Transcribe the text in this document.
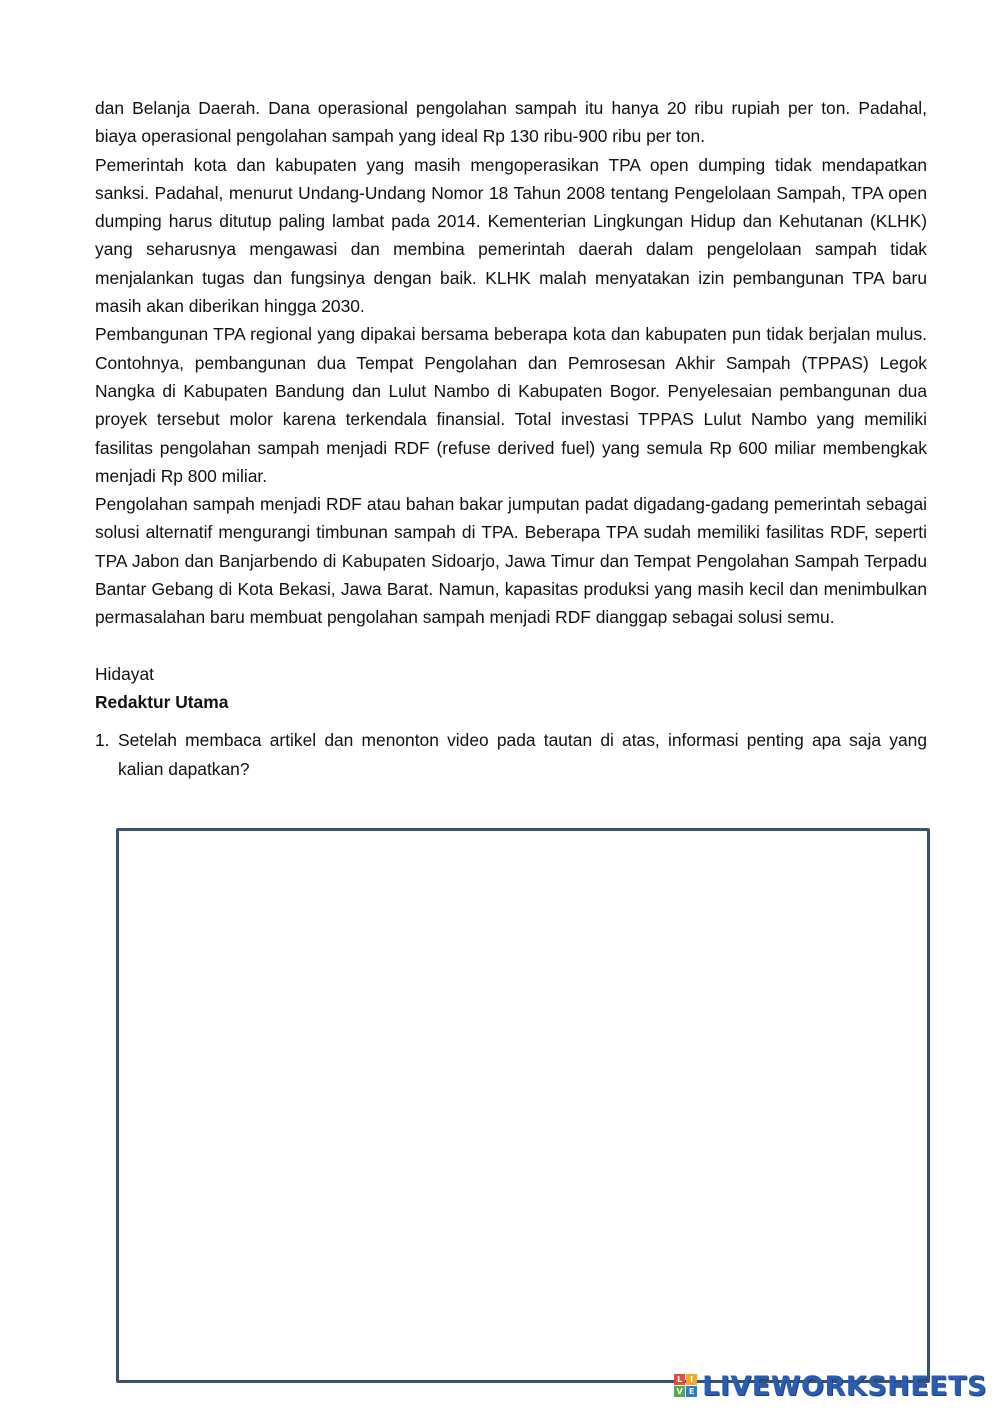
dan Belanja Daerah. Dana operasional pengolahan sampah itu hanya 20 ribu rupiah per ton. Padahal, biaya operasional pengolahan sampah yang ideal Rp 130 ribu-900 ribu per ton.

Pemerintah kota dan kabupaten yang masih mengoperasikan TPA open dumping tidak mendapatkan sanksi. Padahal, menurut Undang-Undang Nomor 18 Tahun 2008 tentang Pengelolaan Sampah, TPA open dumping harus ditutup paling lambat pada 2014. Kementerian Lingkungan Hidup dan Kehutanan (KLHK) yang seharusnya mengawasi dan membina pemerintah daerah dalam pengelolaan sampah tidak menjalankan tugas dan fungsinya dengan baik. KLHK malah menyatakan izin pembangunan TPA baru masih akan diberikan hingga 2030.

Pembangunan TPA regional yang dipakai bersama beberapa kota dan kabupaten pun tidak berjalan mulus. Contohnya, pembangunan dua Tempat Pengolahan dan Pemrosesan Akhir Sampah (TPPAS) Legok Nangka di Kabupaten Bandung dan Lulut Nambo di Kabupaten Bogor. Penyelesaian pembangunan dua proyek tersebut molor karena terkendala finansial. Total investasi TPPAS Lulut Nambo yang memiliki fasilitas pengolahan sampah menjadi RDF (refuse derived fuel) yang semula Rp 600 miliar membengkak menjadi Rp 800 miliar.

Pengolahan sampah menjadi RDF atau bahan bakar jumputan padat digadang-gadang pemerintah sebagai solusi alternatif mengurangi timbunan sampah di TPA. Beberapa TPA sudah memiliki fasilitas RDF, seperti TPA Jabon dan Banjarbendo di Kabupaten Sidoarjo, Jawa Timur dan Tempat Pengolahan Sampah Terpadu Bantar Gebang di Kota Bekasi, Jawa Barat. Namun, kapasitas produksi yang masih kecil dan menimbulkan permasalahan baru membuat pengolahan sampah menjadi RDF dianggap sebagai solusi semu.

Hidayat

Redaktur Utama

1. Setelah membaca artikel dan menonton video pada tautan di atas, informasi penting apa saja yang kalian dapatkan?
L I
V E LIVEWORKSHEETS
